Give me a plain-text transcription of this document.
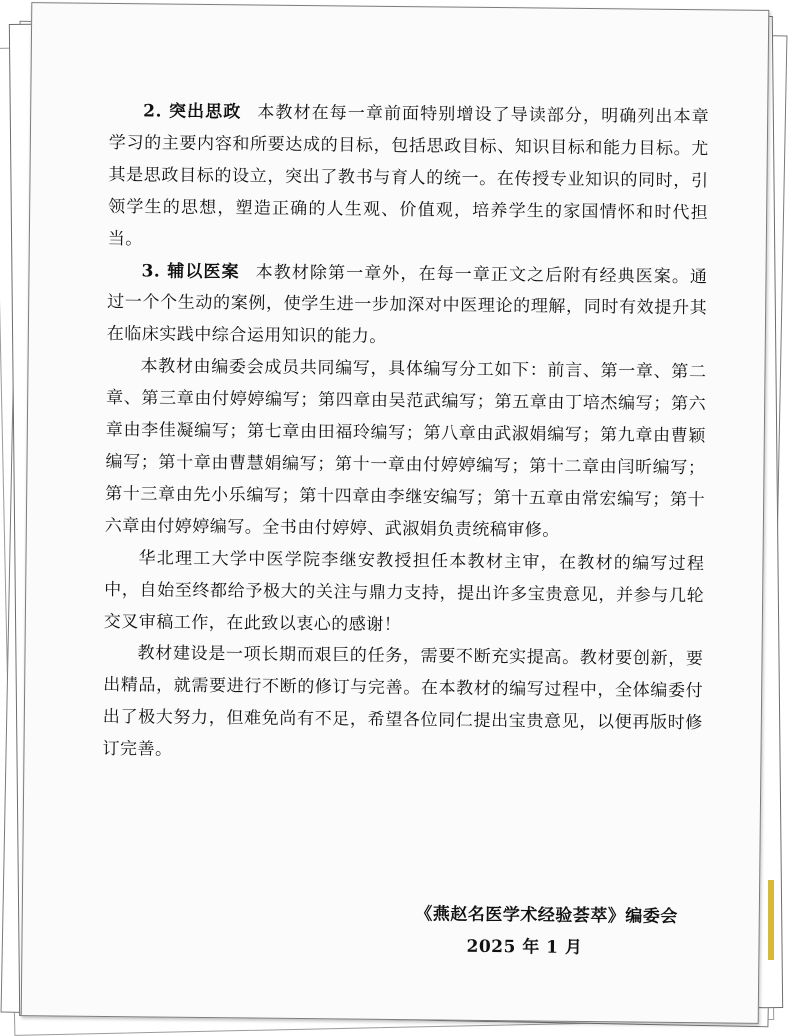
2. 突出思政 本教材在每一章前面特别增设了导读部分，明确列出本章学习的主要内容和所要达成的目标，包括思政目标、知识目标和能力目标。尤其是思政目标的设立，突出了教书与育人的统一。在传授专业知识的同时，引领学生的思想，塑造正确的人生观、价值观，培养学生的家国情怀和时代担当。

3. 辅以医案 本教材除第一章外，在每一章正文之后附有经典医案。通过一个个生动的案例，使学生进一步加深对中医理论的理解，同时有效提升其在临床实践中综合运用知识的能力。

本教材由编委会成员共同编写，具体编写分工如下：前言、第一章、第二章、第三章由付婷婷编写；第四章由吴范武编写；第五章由丁培杰编写；第六章由李佳凝编写；第七章由田福玲编写；第八章由武淑娟编写；第九章由曹颖编写；第十章由曹慧娟编写；第十一章由付婷婷编写；第十二章由闫昕编写；第十三章由先小乐编写；第十四章由李继安编写；第十五章由常宏编写；第十六章由付婷婷编写。全书由付婷婷、武淑娟负责统稿审修。

华北理工大学中医学院李继安教授担任本教材主审，在教材的编写过程中，自始至终都给予极大的关注与鼎力支持，提出许多宝贵意见，并参与几轮交叉审稿工作，在此致以衷心的感谢！

教材建设是一项长期而艰巨的任务，需要不断充实提高。教材要创新，要出精品，就需要进行不断的修订与完善。在本教材的编写过程中，全体编委付出了极大努力，但难免尚有不足，希望各位同仁提出宝贵意见，以便再版时修订完善。

《燕赵名医学术经验荟萃》编委会
2025 年 1 月
